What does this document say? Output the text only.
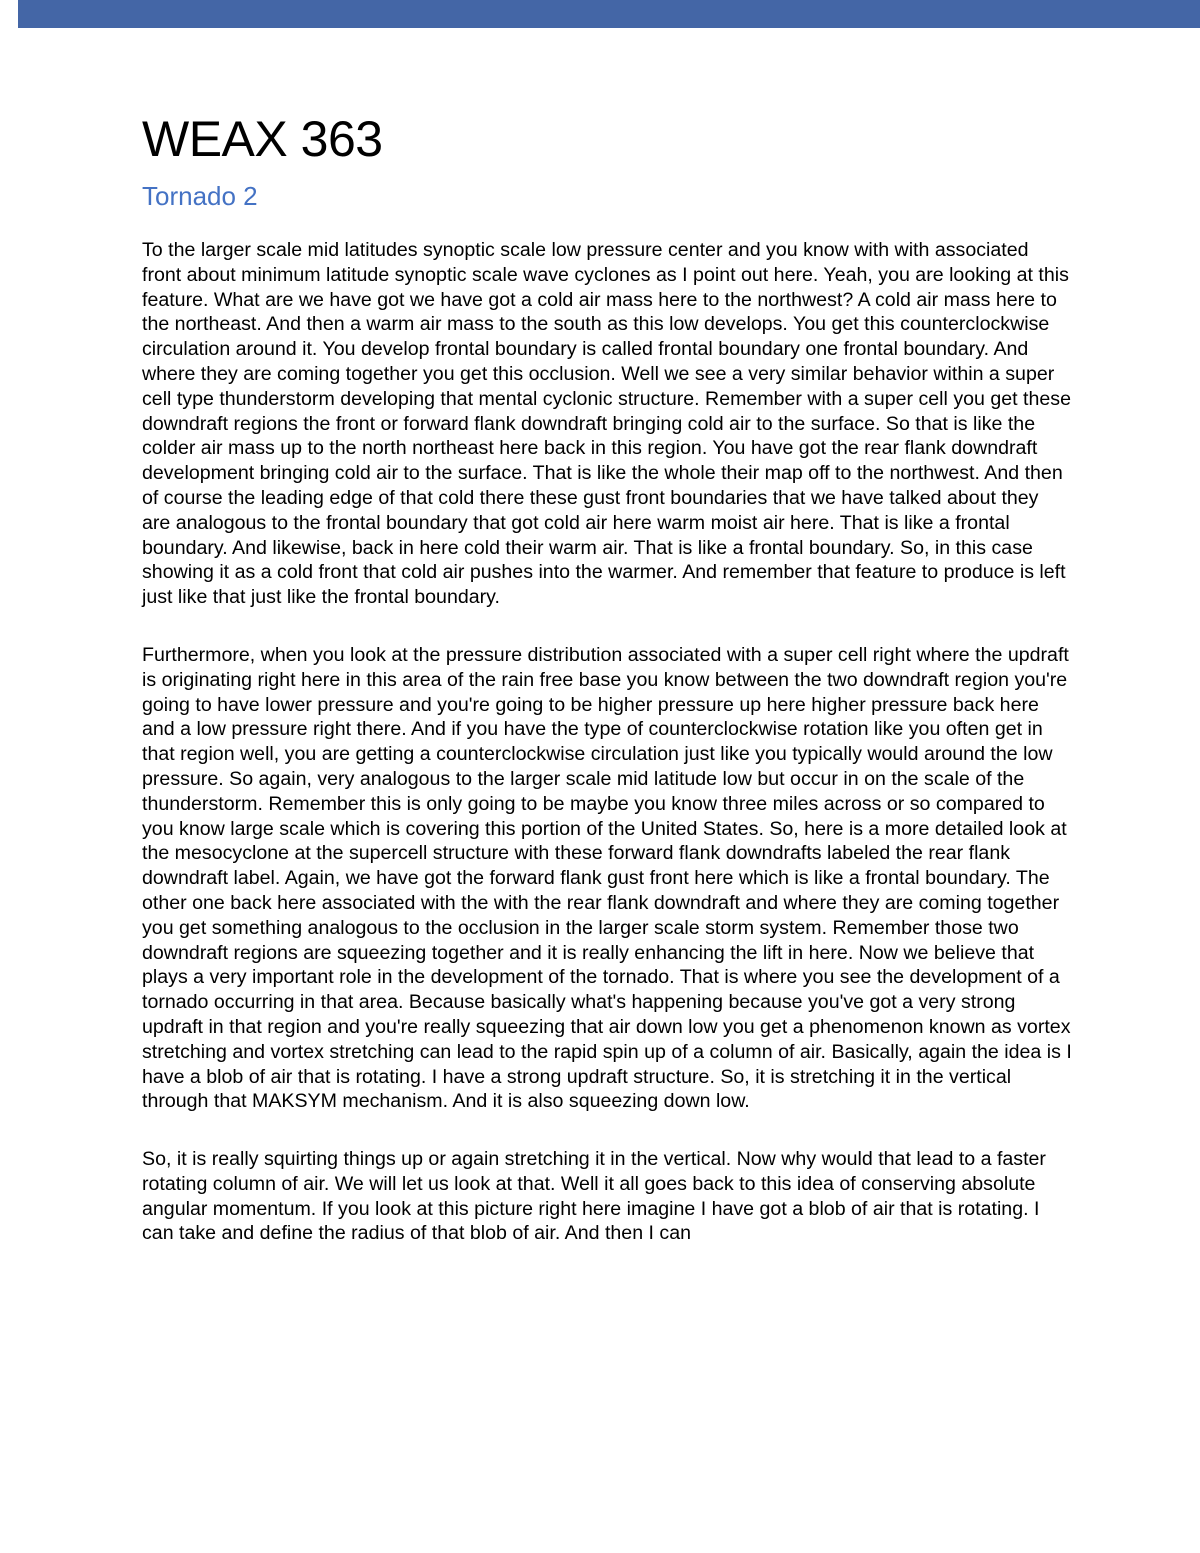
WEAX 363
Tornado 2

To the larger scale mid latitudes synoptic scale low pressure center and you know with with associated front about minimum latitude synoptic scale wave cyclones as I point out here. Yeah, you are looking at this feature. What are we have got we have got a cold air mass here to the northwest? A cold air mass here to the northeast. And then a warm air mass to the south as this low develops. You get this counterclockwise circulation around it. You develop frontal boundary is called frontal boundary one frontal boundary. And where they are coming together you get this occlusion. Well we see a very similar behavior within a super cell type thunderstorm developing that mental cyclonic structure. Remember with a super cell you get these downdraft regions the front or forward flank downdraft bringing cold air to the surface. So that is like the colder air mass up to the north northeast here back in this region. You have got the rear flank downdraft development bringing cold air to the surface. That is like the whole their map off to the northwest. And then of course the leading edge of that cold there these gust front boundaries that we have talked about they are analogous to the frontal boundary that got cold air here warm moist air here. That is like a frontal boundary. And likewise, back in here cold their warm air. That is like a frontal boundary. So, in this case showing it as a cold front that cold air pushes into the warmer. And remember that feature to produce is left just like that just like the frontal boundary.

Furthermore, when you look at the pressure distribution associated with a super cell right where the updraft is originating right here in this area of the rain free base you know between the two downdraft region you're going to have lower pressure and you're going to be higher pressure up here higher pressure back here and a low pressure right there. And if you have the type of counterclockwise rotation like you often get in that region well, you are getting a counterclockwise circulation just like you typically would around the low pressure. So again, very analogous to the larger scale mid latitude low but occur in on the scale of the thunderstorm. Remember this is only going to be maybe you know three miles across or so compared to you know large scale which is covering this portion of the United States. So, here is a more detailed look at the mesocyclone at the supercell structure with these forward flank downdrafts labeled the rear flank downdraft label. Again, we have got the forward flank gust front here which is like a frontal boundary. The other one back here associated with the with the rear flank downdraft and where they are coming together you get something analogous to the occlusion in the larger scale storm system. Remember those two downdraft regions are squeezing together and it is really enhancing the lift in here. Now we believe that plays a very important role in the development of the tornado. That is where you see the development of a tornado occurring in that area. Because basically what's happening because you've got a very strong updraft in that region and you're really squeezing that air down low you get a phenomenon known as vortex stretching and vortex stretching can lead to the rapid spin up of a column of air. Basically, again the idea is I have a blob of air that is rotating. I have a strong updraft structure. So, it is stretching it in the vertical through that MAKSYM mechanism. And it is also squeezing down low.

So, it is really squirting things up or again stretching it in the vertical. Now why would that lead to a faster rotating column of air. We will let us look at that. Well it all goes back to this idea of conserving absolute angular momentum. If you look at this picture right here imagine I have got a blob of air that is rotating. I can take and define the radius of that blob of air. And then I can
